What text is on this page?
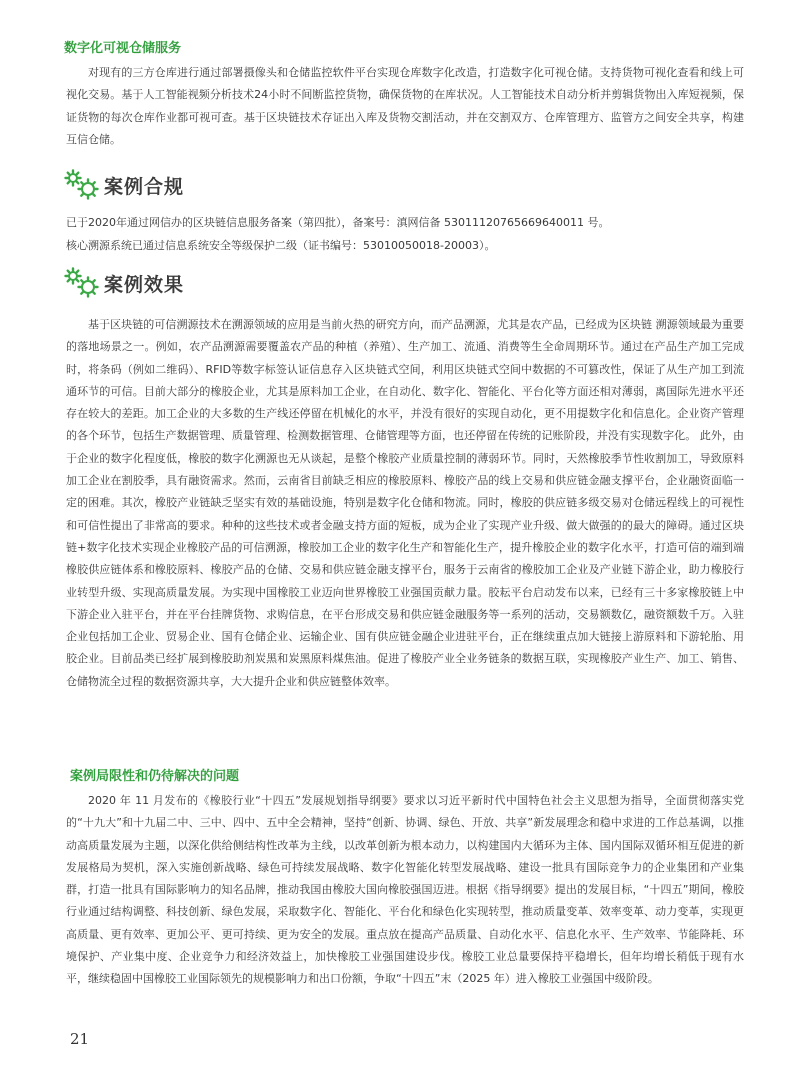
数字化可视仓储服务

对现有的三方仓库进行通过部署摄像头和仓储监控软件平台实现仓库数字化改造，打造数字化可视仓储。支持货物可视化查看和线上可视化交易。基于人工智能视频分析技术24小时不间断监控货物，确保货物的在库状况。人工智能技术自动分析并剪辑货物出入库短视频，保证货物的每次仓库作业都可视可查。基于区块链技术存证出入库及货物交割活动，并在交割双方、仓库管理方、监管方之间安全共享，构建互信仓储。

案例合规
已于2020年通过网信办的区块链信息服务备案（第四批），备案号：滇网信备 53011120765669640011 号。
核心溯源系统已通过信息系统安全等级保护二级（证书编号：53010050018-20003）。
案例效果

基于区块链的可信溯源技术在溯源领域的应用是当前火热的研究方向，而产品溯源，尤其是农产品，已经成为区块链 溯源领域最为重要的落地场景之一。例如，农产品溯源需要覆盖农产品的种植（养殖）、生产加工、流通、消费等生全命周期环节。通过在产品生产加工完成时，将条码（例如二维码）、RFID等数字标签认证信息存入区块链式空间，利用区块链式空间中数据的不可篡改性，保证了从生产加工到流通环节的可信。目前大部分的橡胶企业，尤其是原料加工企业，在自动化、数字化、智能化、平台化等方面还相对薄弱，离国际先进水平还存在较大的差距。加工企业的大多数的生产线还停留在机械化的水平，并没有很好的实现自动化，更不用提数字化和信息化。企业资产管理的各个环节，包括生产数据管理、质量管理、检测数据管理、仓储管理等方面，也还停留在传统的记账阶段，并没有实现数字化。 此外，由于企业的数字化程度低，橡胶的数字化溯源也无从谈起，是整个橡胶产业质量控制的薄弱环节。同时，天然橡胶季节性收割加工，导致原料加工企业在割胶季，具有融资需求。然而，云南省目前缺乏相应的橡胶原料、橡胶产品的线上交易和供应链金融支撑平台，企业融资面临一定的困难。其次，橡胶产业链缺乏坚实有效的基础设施，特别是数字化仓储和物流。同时，橡胶的供应链多级交易对仓储远程线上的可视性和可信性提出了非常高的要求。种种的这些技术或者金融支持方面的短板，成为企业了实现产业升级、做大做强的的最大的障碍。通过区块链+数字化技术实现企业橡胶产品的可信溯源，橡胶加工企业的数字化生产和智能化生产，提升橡胶企业的数字化水平，打造可信的端到端橡胶供应链体系和橡胶原料、橡胶产品的仓储、交易和供应链金融支撑平台，服务于云南省的橡胶加工企业及产业链下游企业，助力橡胶行业转型升级、实现高质量发展。为实现中国橡胶工业迈向世界橡胶工业强国贡献力量。胶耘平台启动发布以来，已经有三十多家橡胶链上中下游企业入驻平台，并在平台挂牌货物、求购信息，在平台形成交易和供应链金融服务等一系列的活动，交易额数亿，融资额数千万。入驻企业包括加工企业、贸易企业、国有仓储企业、运输企业、国有供应链金融企业进驻平台，正在继续重点加大链接上游原料和下游轮胎、用胶企业。目前品类已经扩展到橡胶助剂炭黑和炭黑原料煤焦油。促进了橡胶产业全业务链条的数据互联，实现橡胶产业生产、加工、销售、仓储物流全过程的数据资源共享，大大提升企业和供应链整体效率。

案例局限性和仍待解决的问题

2020 年 11 月发布的《橡胶行业“十四五”发展规划指导纲要》要求以习近平新时代中国特色社会主义思想为指导，全面贯彻落实党的“十九大”和十九届二中、三中、四中、五中全会精神，坚持“创新、协调、绿色、开放、共享”新发展理念和稳中求进的工作总基调，以推动高质量发展为主题，以深化供给侧结构性改革为主线，以改革创新为根本动力，以构建国内大循环为主体、国内国际双循环相互促进的新发展格局为契机，深入实施创新战略、绿色可持续发展战略、数字化智能化转型发展战略、建设一批具有国际竞争力的企业集团和产业集群，打造一批具有国际影响力的知名品牌，推动我国由橡胶大国向橡胶强国迈进。根据《指导纲要》提出的发展目标，“十四五”期间，橡胶行业通过结构调整、科技创新、绿色发展，采取数字化、智能化、平台化和绿色化实现转型，推动质量变革、效率变革、动力变革，实现更高质量、更有效率、更加公平、更可持续、更为安全的发展。重点放在提高产品质量、自动化水平、信息化水平、生产效率、节能降耗、环境保护、产业集中度、企业竞争力和经济效益上，加快橡胶工业强国建设步伐。橡胶工业总量要保持平稳增长，但年均增长稍低于现有水平，继续稳固中国橡胶工业国际领先的规模影响力和出口份额，争取“十四五”末（2025 年）进入橡胶工业强国中级阶段。

21
